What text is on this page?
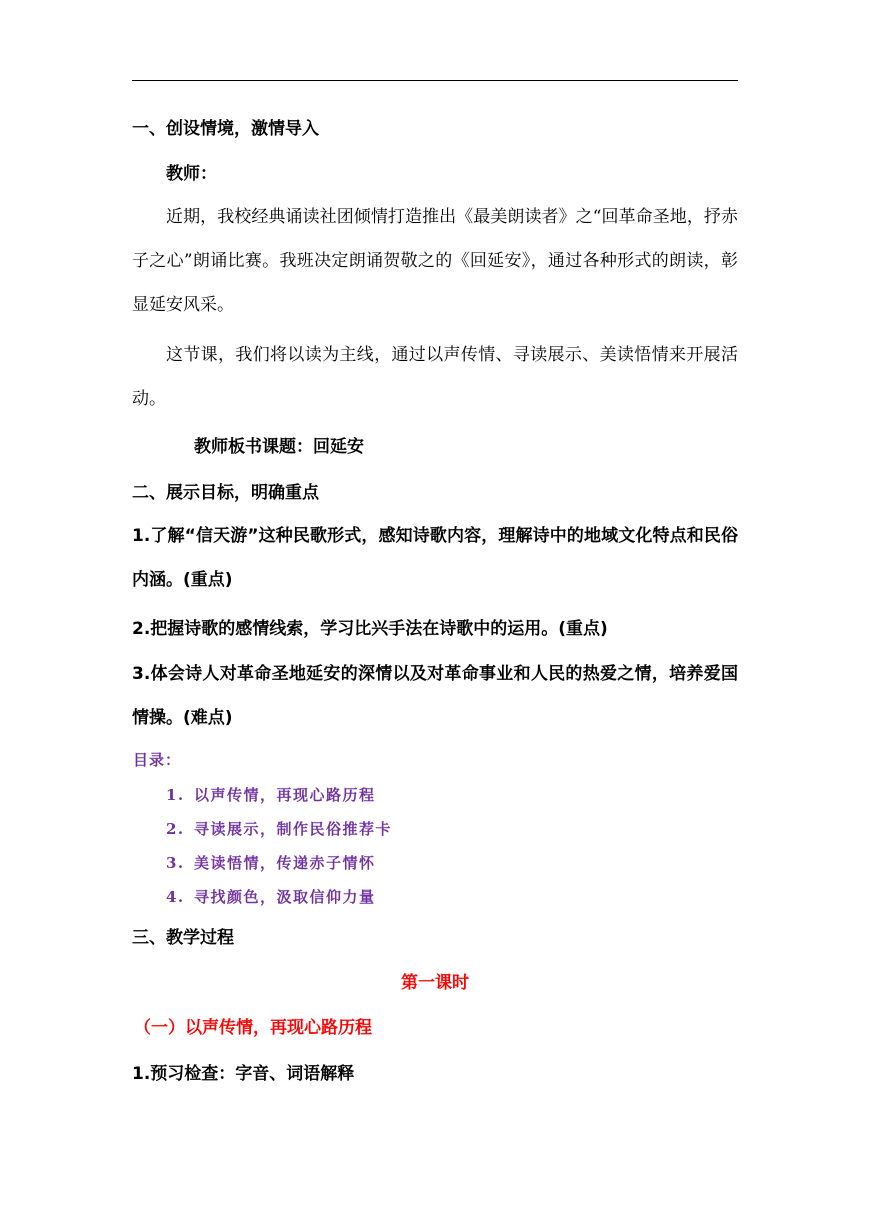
一、创设情境，激情导入
教师：

近期，我校经典诵读社团倾情打造推出《最美朗读者》之“回革命圣地，抒赤子之心”朗诵比赛。我班决定朗诵贺敬之的《回延安》，通过各种形式的朗读，彰显延安风采。

这节课，我们将以读为主线，通过以声传情、寻读展示、美读悟情来开展活动。

教师板书课题：回延安
二、展示目标，明确重点

1.了解“信天游”这种民歌形式，感知诗歌内容，理解诗中的地域文化特点和民俗内涵。(重点)

2.把握诗歌的感情线索，学习比兴手法在诗歌中的运用。(重点)

3.体会诗人对革命圣地延安的深情以及对革命事业和人民的热爱之情，培养爱国情操。(难点)

目录：
1. 以声传情，再现心路历程
2. 寻读展示，制作民俗推荐卡
3. 美读悟情，传递赤子情怀
4. 寻找颜色，汲取信仰力量
三、教学过程
第一课时
（一）以声传情，再现心路历程
1.预习检查：字音、词语解释
